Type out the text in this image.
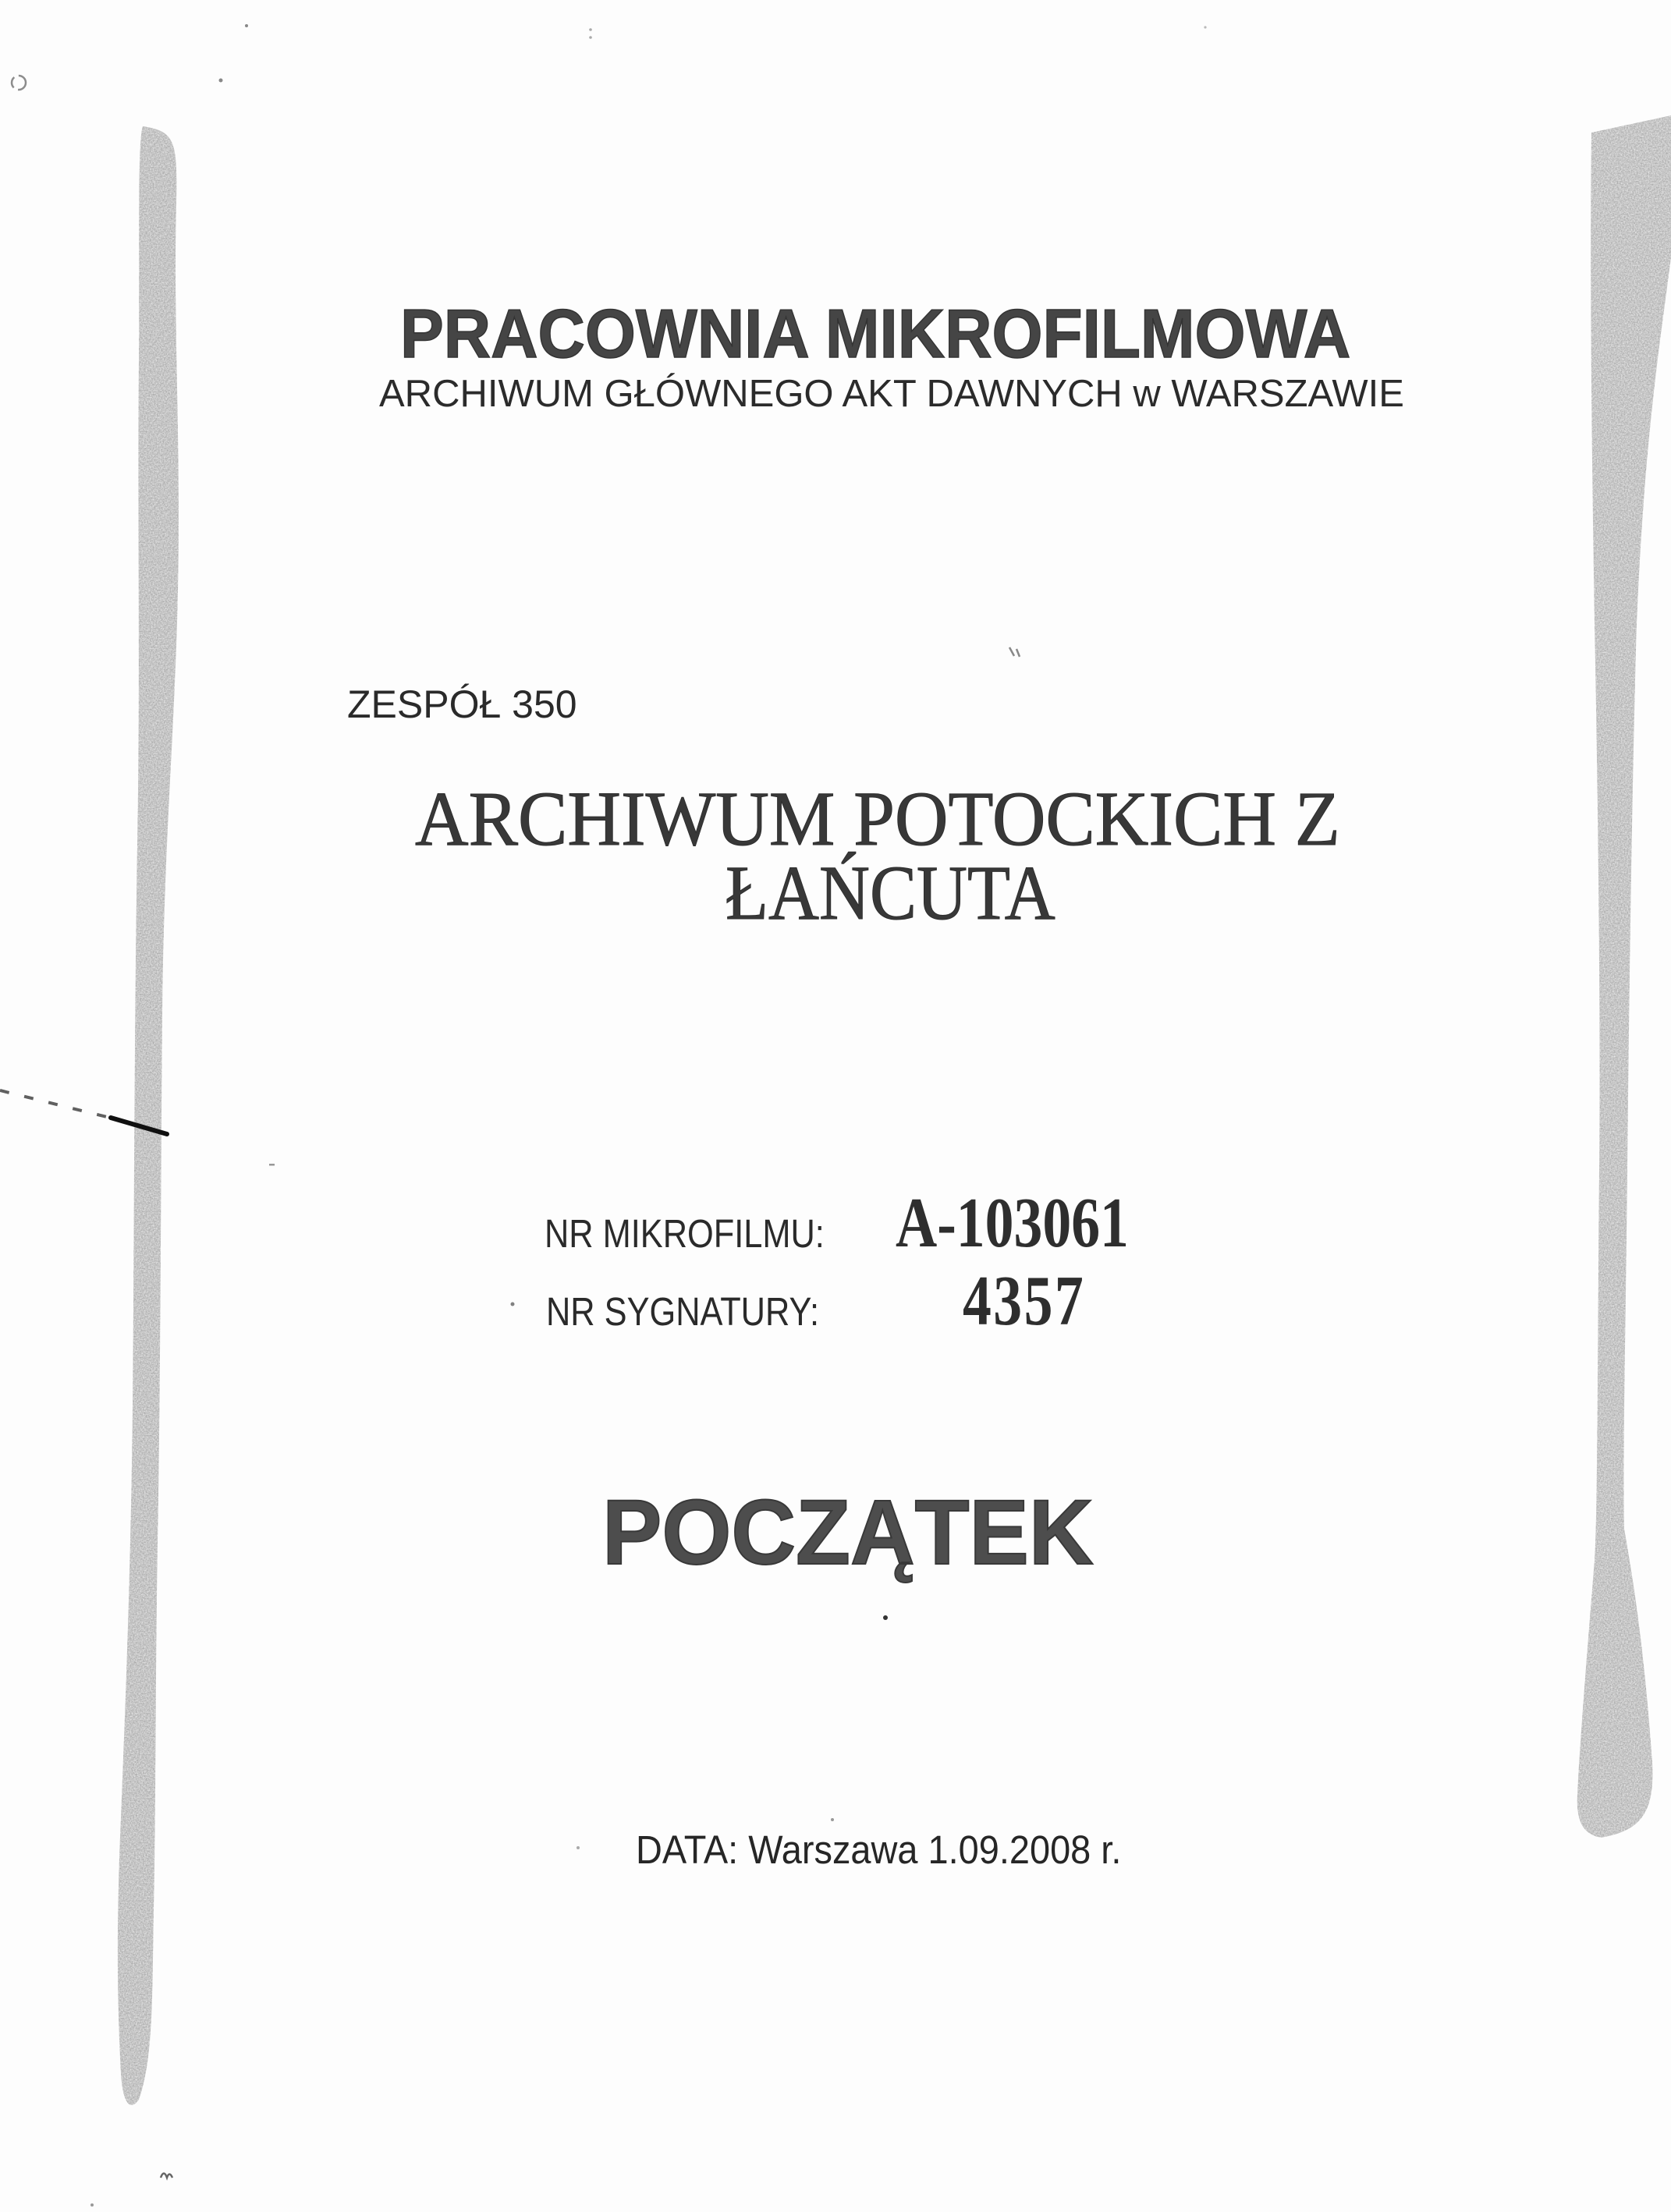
PRACOWNIA MIKROFILMOWA
ARCHIWUM GŁÓWNEGO AKT DAWNYCH w WARSZAWIE
ZESPÓŁ 350
ARCHIWUM POTOCKICH Z
ŁAŃCUTA
NR MIKROFILMU: A-103061
NR SYGNATURY: 4357
POCZĄTEK
DATA: Warszawa 1.09.2008 r.
